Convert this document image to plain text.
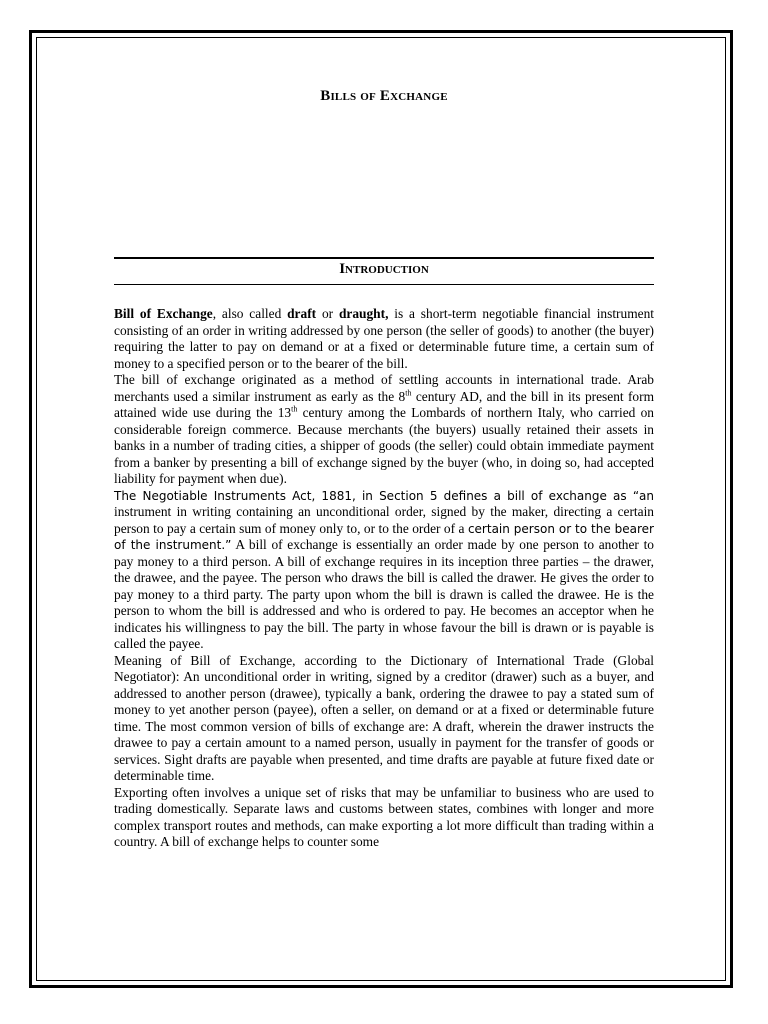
Bills of Exchange
Introduction

Bill of Exchange, also called draft or draught, is a short-term negotiable financial instrument consisting of an order in writing addressed by one person (the seller of goods) to another (the buyer) requiring the latter to pay on demand or at a fixed or determinable future time, a certain sum of money to a specified person or to the bearer of the bill.

The bill of exchange originated as a method of settling accounts in international trade. Arab merchants used a similar instrument as early as the 8th century AD, and the bill in its present form attained wide use during the 13th century among the Lombards of northern Italy, who carried on considerable foreign commerce. Because merchants (the buyers) usually retained their assets in banks in a number of trading cities, a shipper of goods (the seller) could obtain immediate payment from a banker by presenting a bill of exchange signed by the buyer (who, in doing so, had accepted liability for payment when due).

The Negotiable Instruments Act, 1881, in Section 5 defines a bill of exchange as “an instrument in writing containing an unconditional order, signed by the maker, directing a certain person to pay a certain sum of money only to, or to the order of a certain person or to the bearer of the instrument.” A bill of exchange is essentially an order made by one person to another to pay money to a third person. A bill of exchange requires in its inception three parties – the drawer, the drawee, and the payee. The person who draws the bill is called the drawer. He gives the order to pay money to a third party. The party upon whom the bill is drawn is called the drawee. He is the person to whom the bill is addressed and who is ordered to pay. He becomes an acceptor when he indicates his willingness to pay the bill. The party in whose favour the bill is drawn or is payable is called the payee.

Meaning of Bill of Exchange, according to the Dictionary of International Trade (Global Negotiator): An unconditional order in writing, signed by a creditor (drawer) such as a buyer, and addressed to another person (drawee), typically a bank, ordering the drawee to pay a stated sum of money to yet another person (payee), often a seller, on demand or at a fixed or determinable future time. The most common version of bills of exchange are: A draft, wherein the drawer instructs the drawee to pay a certain amount to a named person, usually in payment for the transfer of goods or services. Sight drafts are payable when presented, and time drafts are payable at future fixed date or determinable time.

Exporting often involves a unique set of risks that may be unfamiliar to business who are used to trading domestically. Separate laws and customs between states, combines with longer and more complex transport routes and methods, can make exporting a lot more difficult than trading within a country. A bill of exchange helps to counter some
